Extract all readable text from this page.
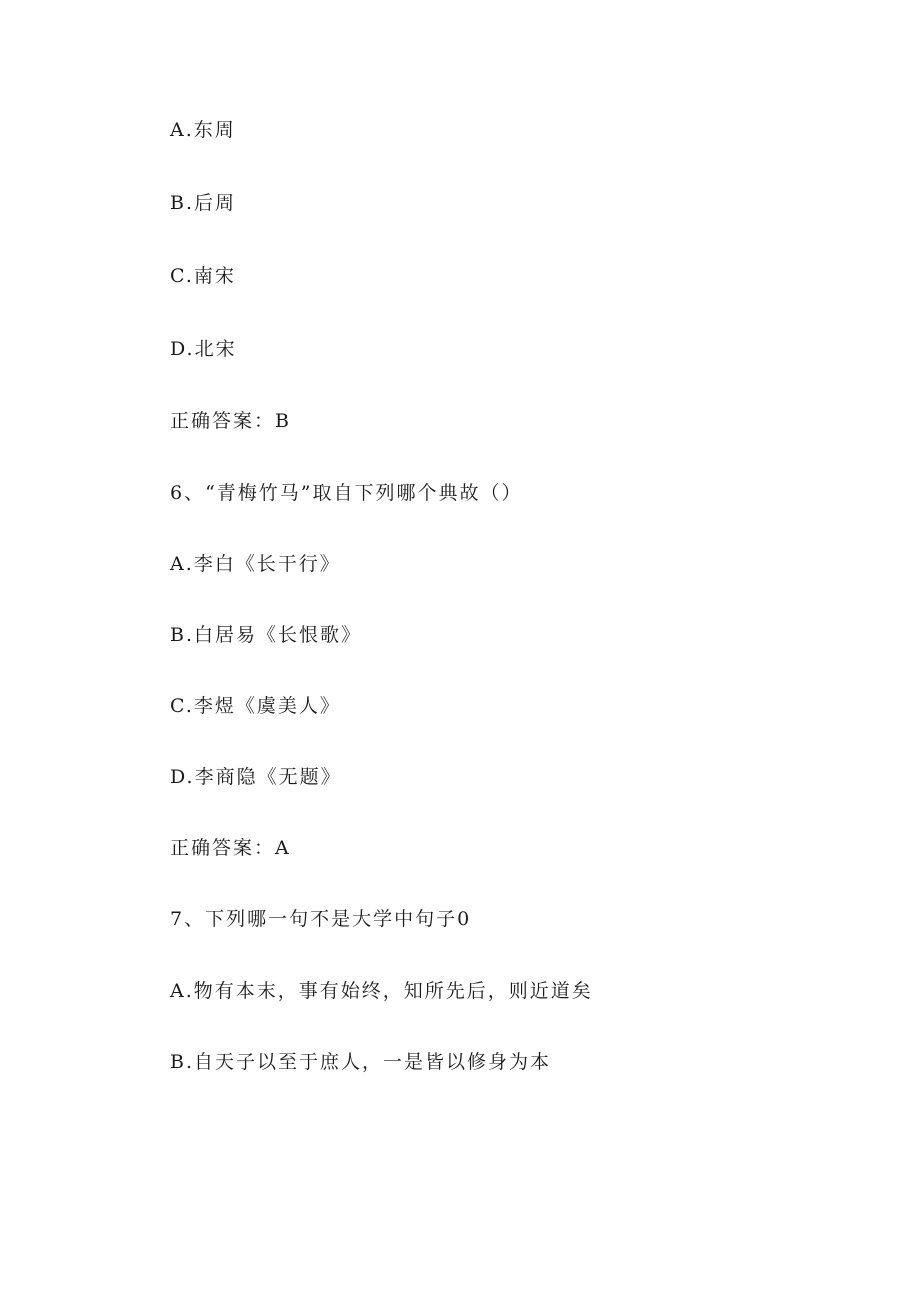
A.东周
B.后周
C.南宋
D.北宋
正确答案：B
6、“青梅竹马”取自下列哪个典故（）
A.李白《长干行》
B.白居易《长恨歌》
C.李煜《虞美人》
D.李商隐《无题》
正确答案：A
7、下列哪一句不是大学中句子0
A.物有本末，事有始终，知所先后，则近道矣
B.自天子以至于庶人，一是皆以修身为本
